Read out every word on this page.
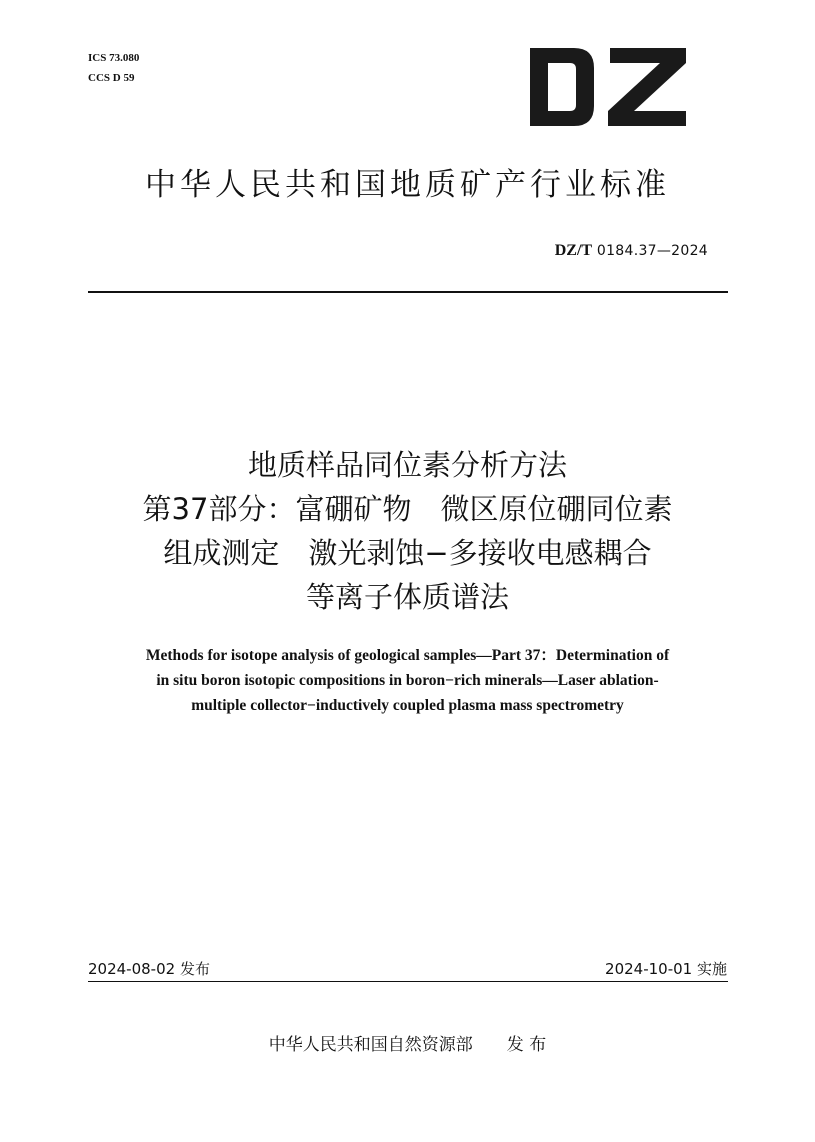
ICS 73.080
CCS D 59
中华人民共和国地质矿产行业标准
DZ/T 0184.37—2024
地质样品同位素分析方法
第37部分：富硼矿物　微区原位硼同位素
组成测定　激光剥蚀−多接收电感耦合
等离子体质谱法
Methods for isotope analysis of geological samples—Part 37：Determination of
in situ boron isotopic compositions in boron−rich minerals—Laser ablation-
multiple collector−inductively coupled plasma mass spectrometry
2024-08-02 发布	2024-10-01 实施
中华人民共和国自然资源部　　 发 布
